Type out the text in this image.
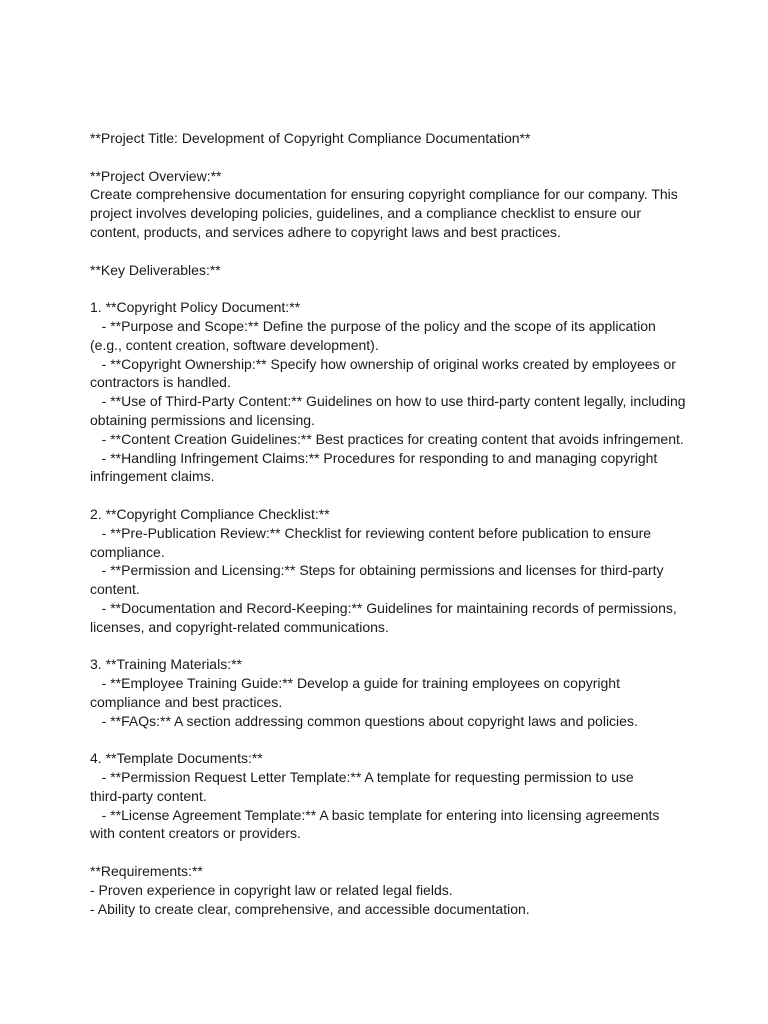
**Project Title: Development of Copyright Compliance Documentation**
**Project Overview:**
Create comprehensive documentation for ensuring copyright compliance for our company. This
project involves developing policies, guidelines, and a compliance checklist to ensure our
content, products, and services adhere to copyright laws and best practices.
**Key Deliverables:**
1. **Copyright Policy Document:**
- **Purpose and Scope:** Define the purpose of the policy and the scope of its application
(e.g., content creation, software development).
- **Copyright Ownership:** Specify how ownership of original works created by employees or
contractors is handled.
- **Use of Third-Party Content:** Guidelines on how to use third-party content legally, including
obtaining permissions and licensing.
- **Content Creation Guidelines:** Best practices for creating content that avoids infringement.
- **Handling Infringement Claims:** Procedures for responding to and managing copyright
infringement claims.
2. **Copyright Compliance Checklist:**
- **Pre-Publication Review:** Checklist for reviewing content before publication to ensure
compliance.
- **Permission and Licensing:** Steps for obtaining permissions and licenses for third-party
content.
- **Documentation and Record-Keeping:** Guidelines for maintaining records of permissions,
licenses, and copyright-related communications.
3. **Training Materials:**
- **Employee Training Guide:** Develop a guide for training employees on copyright
compliance and best practices.
- **FAQs:** A section addressing common questions about copyright laws and policies.
4. **Template Documents:**
- **Permission Request Letter Template:** A template for requesting permission to use
third-party content.
- **License Agreement Template:** A basic template for entering into licensing agreements
with content creators or providers.
**Requirements:**
- Proven experience in copyright law or related legal fields.
- Ability to create clear, comprehensive, and accessible documentation.
